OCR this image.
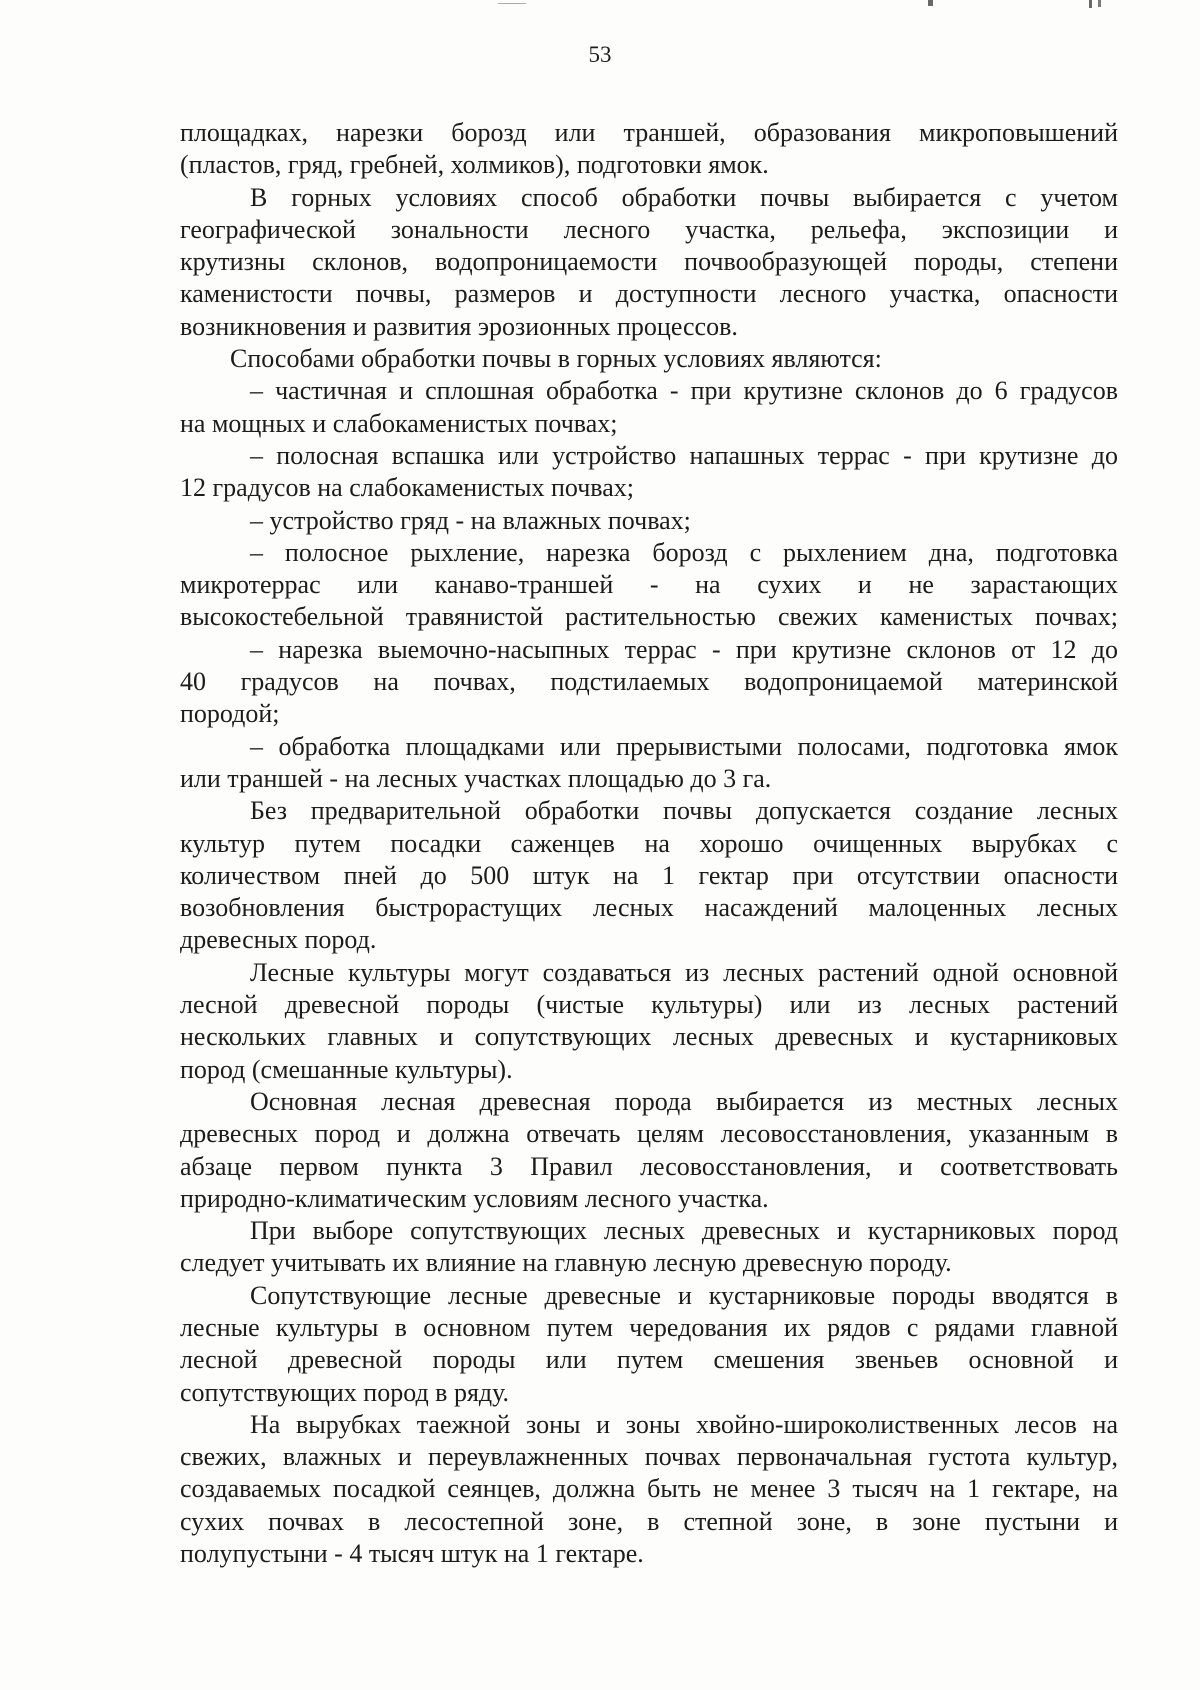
53
площадках, нарезки борозд или траншей, образования микроповышений
(пластов, гряд, гребней, холмиков), подготовки ямок.
В горных условиях способ обработки почвы выбирается с учетом
географической зональности лесного участка, рельефа, экспозиции и
крутизны склонов, водопроницаемости почвообразующей породы, степени
каменистости почвы, размеров и доступности лесного участка, опасности
возникновения и развития эрозионных процессов.
Способами обработки почвы в горных условиях являются:
– частичная и сплошная обработка - при крутизне склонов до 6 градусов
на мощных и слабокаменистых почвах;
– полосная вспашка или устройство напашных террас - при крутизне до
12 градусов на слабокаменистых почвах;
– устройство гряд - на влажных почвах;
– полосное рыхление, нарезка борозд с рыхлением дна, подготовка
микротеррас или канаво-траншей - на сухих и не зарастающих
высокостебельной травянистой растительностью свежих каменистых почвах;
– нарезка выемочно-насыпных террас - при крутизне склонов от 12 до
40 градусов на почвах, подстилаемых водопроницаемой материнской
породой;
– обработка площадками или прерывистыми полосами, подготовка ямок
или траншей - на лесных участках площадью до 3 га.
Без предварительной обработки почвы допускается создание лесных
культур путем посадки саженцев на хорошо очищенных вырубках с
количеством пней до 500 штук на 1 гектар при отсутствии опасности
возобновления быстрорастущих лесных насаждений малоценных лесных
древесных пород.
Лесные культуры могут создаваться из лесных растений одной основной
лесной древесной породы (чистые культуры) или из лесных растений
нескольких главных и сопутствующих лесных древесных и кустарниковых
пород (смешанные культуры).
Основная лесная древесная порода выбирается из местных лесных
древесных пород и должна отвечать целям лесовосстановления, указанным в
абзаце первом пункта 3 Правил лесовосстановления, и соответствовать
природно-климатическим условиям лесного участка.
При выборе сопутствующих лесных древесных и кустарниковых пород
следует учитывать их влияние на главную лесную древесную породу.
Сопутствующие лесные древесные и кустарниковые породы вводятся в
лесные культуры в основном путем чередования их рядов с рядами главной
лесной древесной породы или путем смешения звеньев основной и
сопутствующих пород в ряду.
На вырубках таежной зоны и зоны хвойно-широколиственных лесов на
свежих, влажных и переувлажненных почвах первоначальная густота культур,
создаваемых посадкой сеянцев, должна быть не менее 3 тысяч на 1 гектаре, на
сухих почвах в лесостепной зоне, в степной зоне, в зоне пустыни и
полупустыни - 4 тысяч штук на 1 гектаре.
